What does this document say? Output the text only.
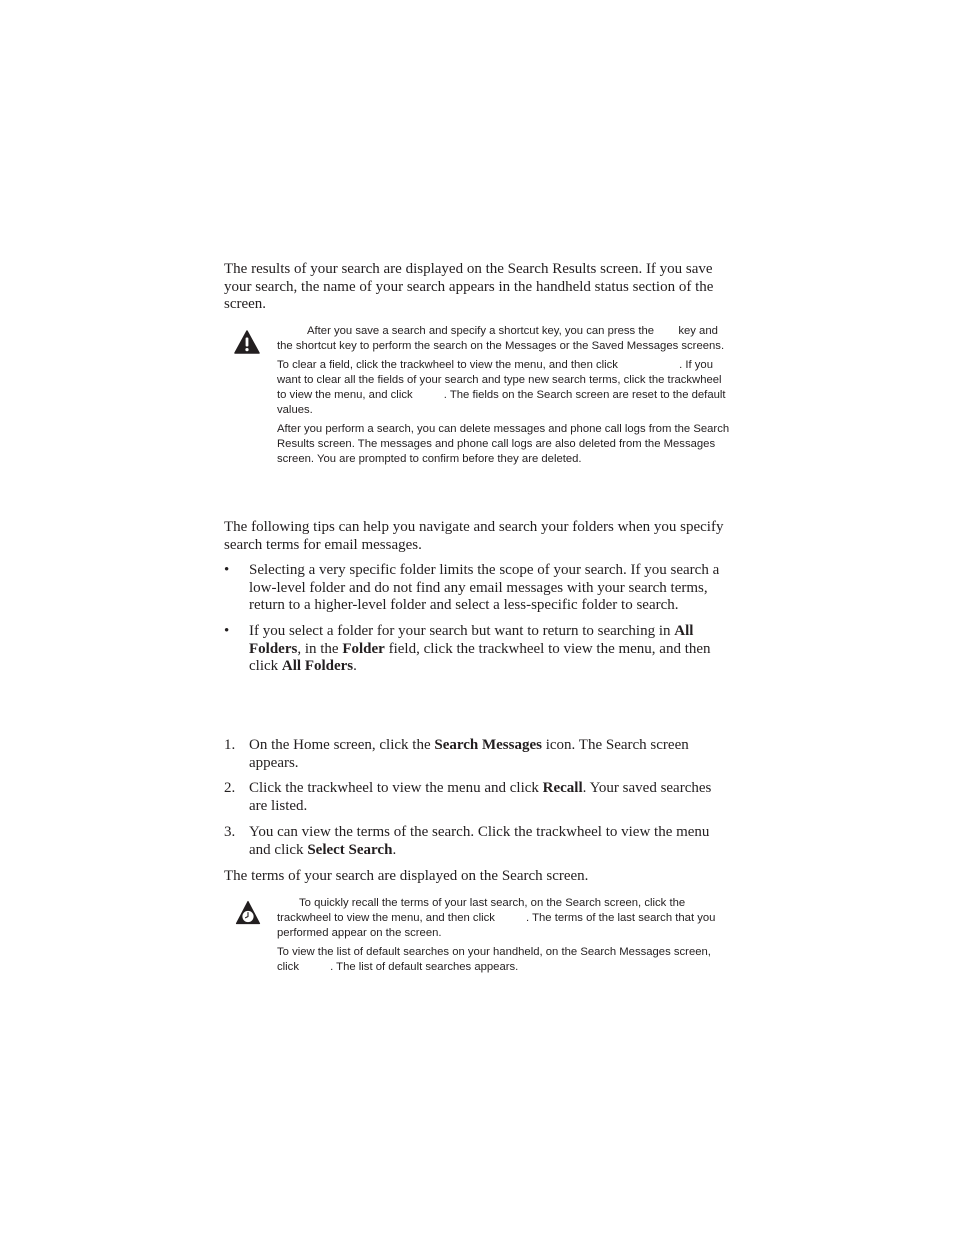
The results of your search are displayed on the Search Results screen. If you save your search, the name of your search appears in the handheld status section of the screen.
After you save a search and specify a shortcut key, you can press the  key and the shortcut key to perform the search on the Messages or the Saved Messages screens.
To clear a field, click the trackwheel to view the menu, and then click	. If you want to clear all the fields of your search and type new search terms, click the trackwheel to view the menu, and click . The fields on the Search screen are reset to the default values.
After you perform a search, you can delete messages and phone call logs from the Search Results screen. The messages and phone call logs are also deleted from the Messages screen. You are prompted to confirm before they are deleted.
The following tips can help you navigate and search your folders when you specify search terms for email messages.
• Selecting a very specific folder limits the scope of your search. If you search a low-level folder and do not find any email messages with your search terms, return to a higher-level folder and select a less-specific folder to search.
• If you select a folder for your search but want to return to searching in All Folders, in the Folder field, click the trackwheel to view the menu, and then click All Folders.
1. On the Home screen, click the Search Messages icon. The Search screen appears.
2. Click the trackwheel to view the menu and click Recall. Your saved searches are listed.
3. You can view the terms of the search. Click the trackwheel to view the menu and click Select Search.
The terms of your search are displayed on the Search screen.
To quickly recall the terms of your last search, on the Search screen, click the trackwheel to view the menu, and then click . The terms of the last search that you performed appear on the screen.
To view the list of default searches on your handheld, on the Search Messages screen, click . The list of default searches appears.
